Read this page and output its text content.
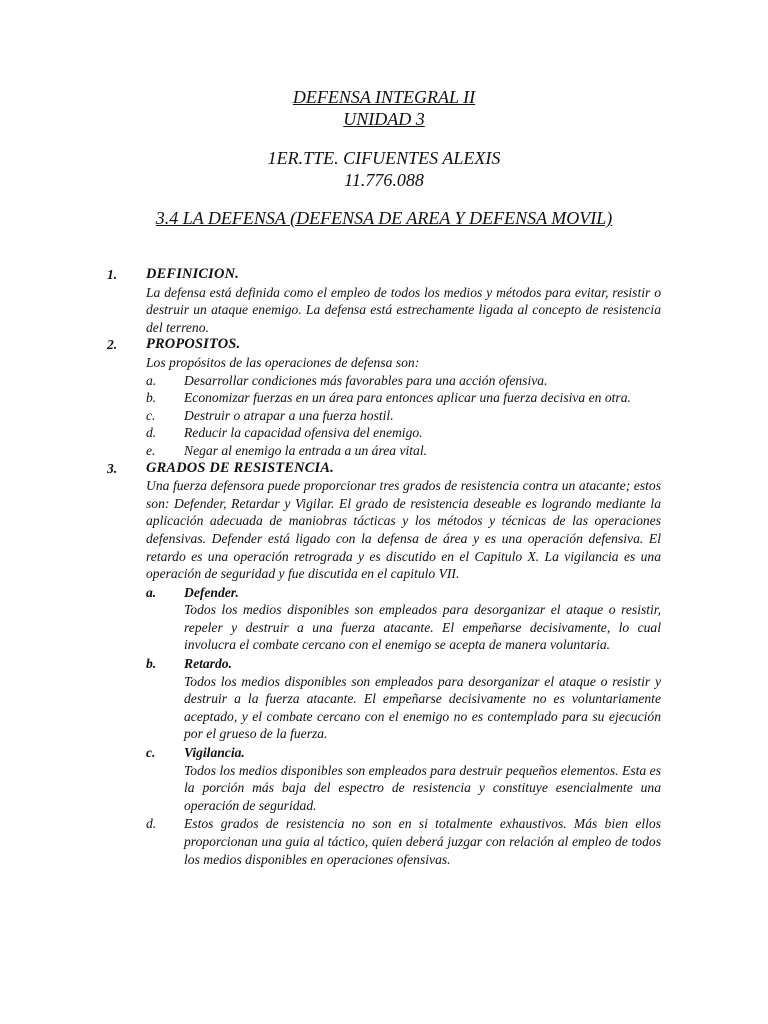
DEFENSA INTEGRAL II
UNIDAD 3
1ER.TTE. CIFUENTES ALEXIS
11.776.088
3.4 LA DEFENSA (DEFENSA DE AREA Y DEFENSA MOVIL)
1. DEFINICION.

La defensa está definida como el empleo de todos los medios y métodos para evitar, resistir o destruir un ataque enemigo. La defensa está estrechamente ligada al concepto de resistencia del terreno.

2. PROPOSITOS.

Los propósitos de las operaciones de defensa son:

a. Desarrollar condiciones más favorables para una acción ofensiva.

b. Economizar fuerzas en un área para entonces aplicar una fuerza decisiva en otra.

c. Destruir o atrapar a una fuerza hostil.

d. Reducir la capacidad ofensiva del enemigo.

e. Negar al enemigo la entrada a un área vital.

3. GRADOS DE RESISTENCIA.

Una fuerza defensora puede proporcionar tres grados de resistencia contra un atacante; estos son: Defender, Retardar y Vigilar. El grado de resistencia deseable es logrando mediante la aplicación adecuada de maniobras tácticas y los métodos y técnicas de las operaciones defensivas. Defender está ligado con la defensa de área y es una operación defensiva. El retardo es una operación retrograda y es discutido en el Capitulo X. La vigilancia es una operación de seguridad y fue discutida en el capitulo VII.

a. Defender.

Todos los medios disponibles son empleados para desorganizar el ataque o resistir, repeler y destruir a una fuerza atacante. El empeñarse decisivamente, lo cual involucra el combate cercano con el enemigo se acepta de manera voluntaria.

b. Retardo.

Todos los medios disponibles son empleados para desorganizar el ataque o resistir y destruir a la fuerza atacante. El empeñarse decisivamente no es voluntariamente aceptado, y el combate cercano con el enemigo no es contemplado para su ejecución por el grueso de la fuerza.

c. Vigilancia.

Todos los medios disponibles son empleados para destruir pequeños elementos. Esta es la porción más baja del espectro de resistencia y constituye esencialmente una operación de seguridad.

d. Estos grados de resistencia no son en si totalmente exhaustivos. Más bien ellos proporcionan una guia al táctico, quien deberá juzgar con relación al empleo de todos los medios disponibles en operaciones ofensivas.
